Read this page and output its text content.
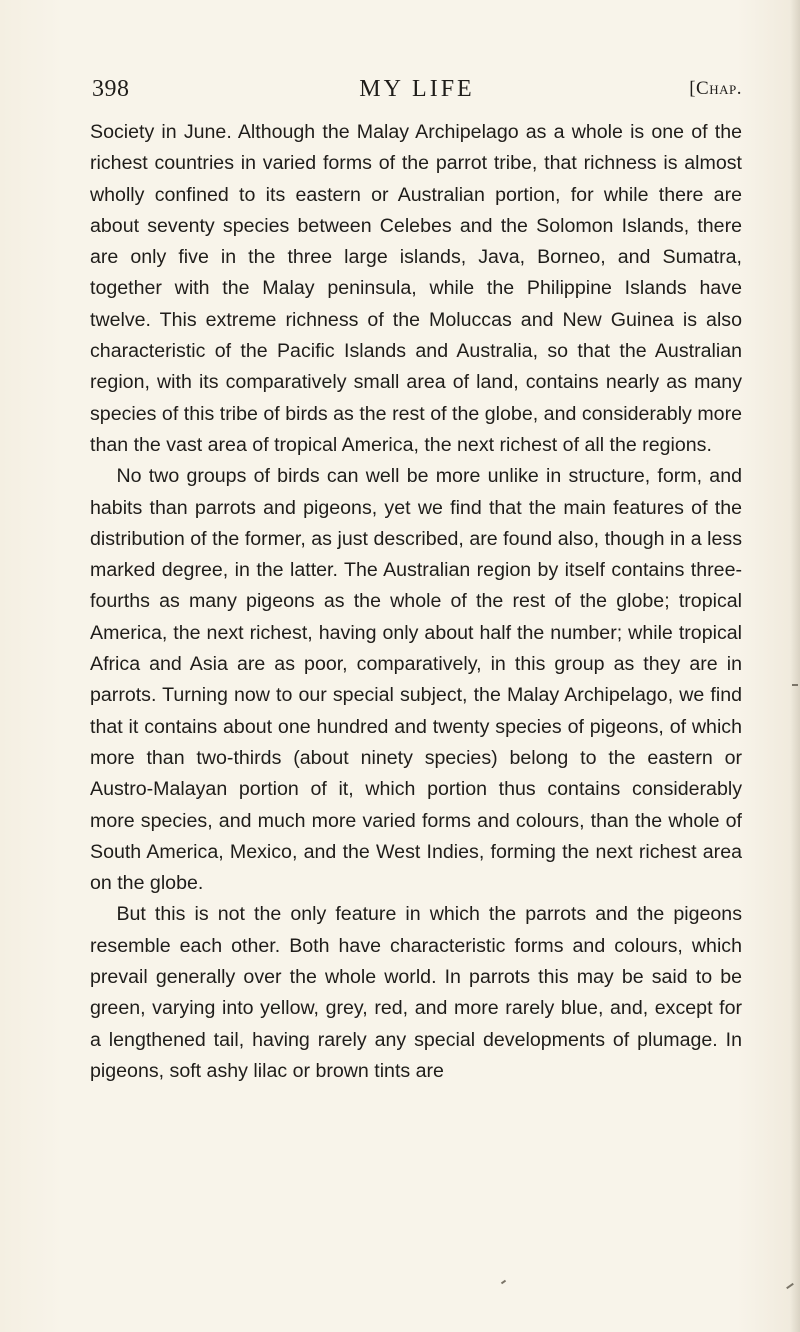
398	MY LIFE	[Chap.

Society in June. Although the Malay Archipelago as a whole is one of the richest countries in varied forms of the parrot tribe, that richness is almost wholly confined to its eastern or Australian portion, for while there are about seventy species between Celebes and the Solomon Islands, there are only five in the three large islands, Java, Borneo, and Sumatra, together with the Malay peninsula, while the Philippine Islands have twelve. This extreme richness of the Moluccas and New Guinea is also characteristic of the Pacific Islands and Australia, so that the Australian region, with its comparatively small area of land, contains nearly as many species of this tribe of birds as the rest of the globe, and considerably more than the vast area of tropical America, the next richest of all the regions.

No two groups of birds can well be more unlike in structure, form, and habits than parrots and pigeons, yet we find that the main features of the distribution of the former, as just described, are found also, though in a less marked degree, in the latter. The Australian region by itself contains three-fourths as many pigeons as the whole of the rest of the globe; tropical America, the next richest, having only about half the number; while tropical Africa and Asia are as poor, comparatively, in this group as they are in parrots. Turning now to our special subject, the Malay Archipelago, we find that it contains about one hundred and twenty species of pigeons, of which more than two-thirds (about ninety species) belong to the eastern or Austro-Malayan portion of it, which portion thus contains considerably more species, and much more varied forms and colours, than the whole of South America, Mexico, and the West Indies, forming the next richest area on the globe.

But this is not the only feature in which the parrots and the pigeons resemble each other. Both have characteristic forms and colours, which prevail generally over the whole world. In parrots this may be said to be green, varying into yellow, grey, red, and more rarely blue, and, except for a lengthened tail, having rarely any special developments of plumage. In pigeons, soft ashy lilac or brown tints are
